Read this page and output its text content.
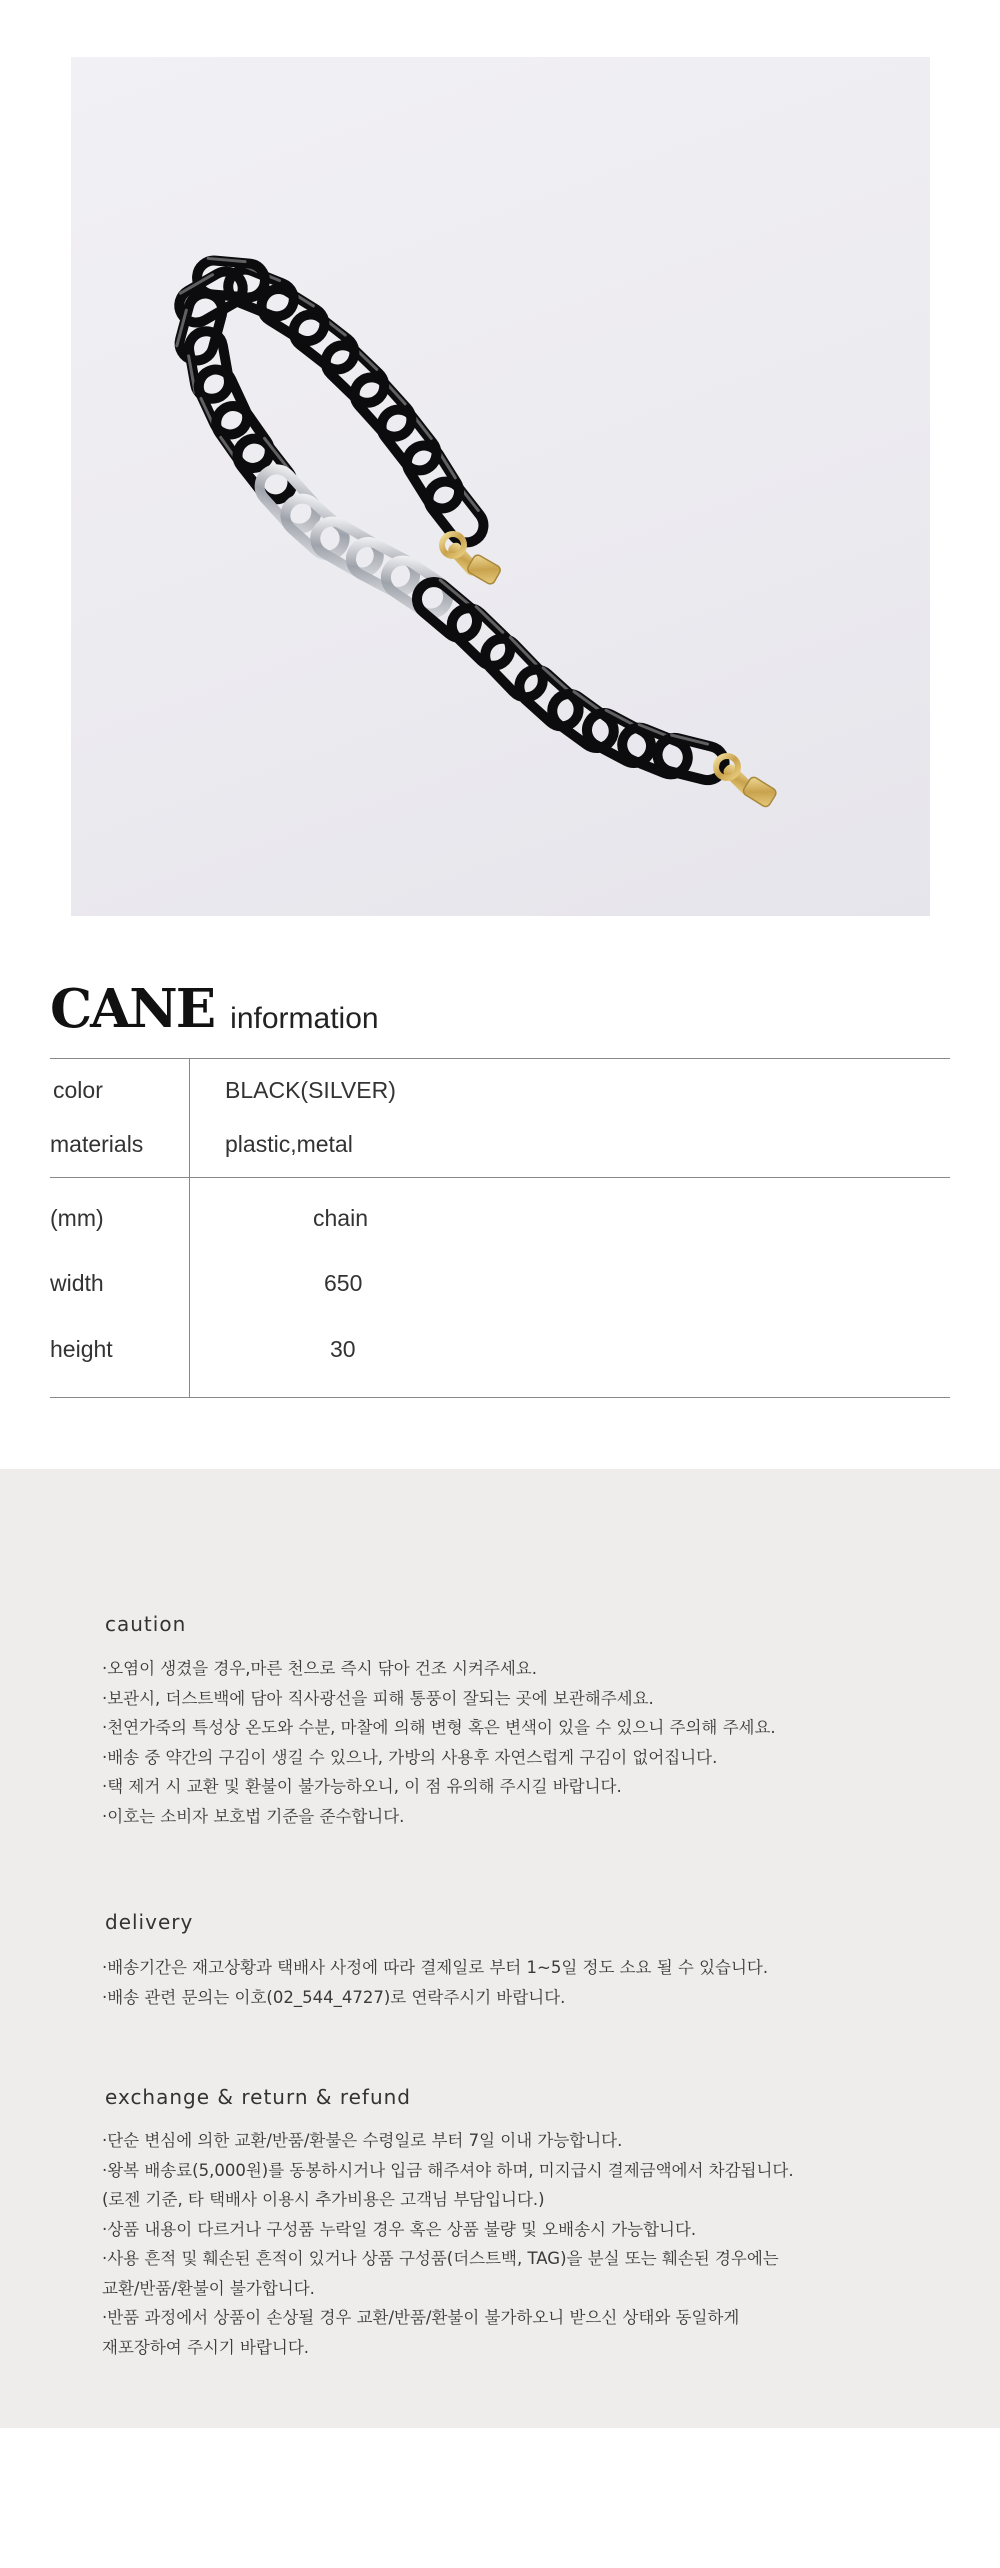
CANE information
color	BLACK(SILVER)
materials	plastic,metal
(mm)	chain
width	650
height	30
caution
·오염이 생겼을 경우,마른 천으로 즉시 닦아 건조 시켜주세요.
·보관시, 더스트백에 담아 직사광선을 피해 통풍이 잘되는 곳에 보관해주세요.
·천연가죽의 특성상 온도와 수분, 마찰에 의해 변형 혹은 변색이 있을 수 있으니 주의해 주세요.
·배송 중 약간의 구김이 생길 수 있으나, 가방의 사용후 자연스럽게 구김이 없어집니다.
·택 제거 시 교환 및 환불이 불가능하오니, 이 점 유의해 주시길 바랍니다.
·이호는 소비자 보호법 기준을 준수합니다.
delivery
·배송기간은 재고상황과 택배사 사정에 따라 결제일로 부터 1~5일 정도 소요 될 수 있습니다.
·배송 관련 문의는 이호(02_544_4727)로 연락주시기 바랍니다.
exchange & return & refund
·단순 변심에 의한 교환/반품/환불은 수령일로 부터 7일 이내 가능합니다.
·왕복 배송료(5,000원)를 동봉하시거나 입금 해주셔야 하며, 미지급시 결제금액에서 차감됩니다.
(로젠 기준, 타 택배사 이용시 추가비용은 고객님 부담입니다.)
·상품 내용이 다르거나 구성품 누락일 경우 혹은 상품 불량 및 오배송시 가능합니다.
·사용 흔적 및 훼손된 흔적이 있거나 상품 구성품(더스트백, TAG)을 분실 또는 훼손된 경우에는
교환/반품/환불이 불가합니다.
·반품 과정에서 상품이 손상될 경우 교환/반품/환불이 불가하오니 받으신 상태와 동일하게
재포장하여 주시기 바랍니다.
